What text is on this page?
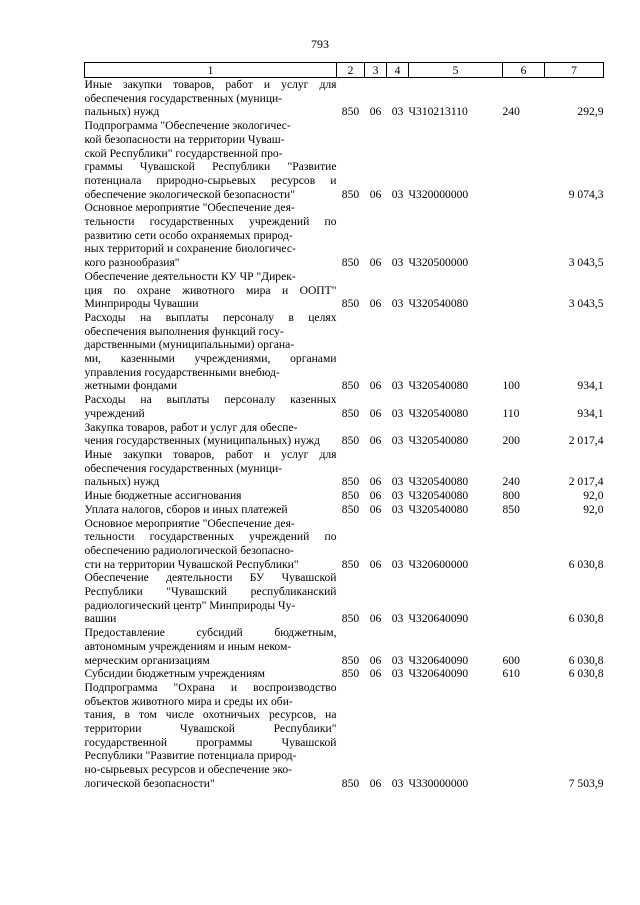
793
1	2	3	4	5	6	7
Иные закупки товаров, работ и услуг для обеспечения государственных (муници-
пальных) нужд	850	06	03	Ч310213110	240	292,9
Подпрограмма "Обеспечение экологичес-
кой безопасности на территории Чуваш-
ской Республики" государственной про-
граммы Чувашской Республики "Развитие потенциала природно-сырьевых ресурсов и обеспечение экологической безопасности"	850	06	03	Ч320000000		9 074,3
Основное мероприятие "Обеспечение дея-
тельности государственных учреждений по развитию сети особо охраняемых природ-
ных территорий и сохранение биологичес-
кого разнообразия"	850	06	03	Ч320500000		3 043,5
Обеспечение деятельности КУ ЧР "Дирек-
ция по охране животного мира и ООПТ" Минприроды Чувашии	850	06	03	Ч320540080		3 043,5
Расходы на выплаты персоналу в целях обеспечения выполнения функций госу-
дарственными (муниципальными) органа-
ми, казенными учреждениями, органами управления государственными внебюд-
жетными фондами	850	06	03	Ч320540080	100	934,1
Расходы на выплаты персоналу казенных учреждений	850	06	03	Ч320540080	110	934,1
Закупка товаров, работ и услуг для обеспе-
чения государственных (муниципальных) нужд	850	06	03	Ч320540080	200	2 017,4
Иные закупки товаров, работ и услуг для обеспечения государственных (муници-
пальных) нужд	850	06	03	Ч320540080	240	2 017,4
Иные бюджетные ассигнования	850	06	03	Ч320540080	800	92,0
Уплата налогов, сборов и иных платежей	850	06	03	Ч320540080	850	92,0
Основное мероприятие "Обеспечение дея-
тельности государственных учреждений по обеспечению радиологической безопасно-
сти на территории Чувашской Республики"	850	06	03	Ч320600000		6 030,8
Обеспечение деятельности БУ Чувашской Республики "Чувашский республиканский радиологический центр" Минприроды Чу-
вашии	850	06	03	Ч320640090		6 030,8
Предоставление субсидий бюджетным, автономным учреждениям и иным неком-
мерческим организациям	850	06	03	Ч320640090	600	6 030,8
Субсидии бюджетным учреждениям	850	06	03	Ч320640090	610	6 030,8
Подпрограмма "Охрана и воспроизводство объектов животного мира и среды их оби-
тания, в том числе охотничьих ресурсов, на территории Чувашской Республики" государственной программы Чувашской Республики "Развитие потенциала природ-
но-сырьевых ресурсов и обеспечение эко-
логической безопасности"	850	06	03	Ч330000000		7 503,9
